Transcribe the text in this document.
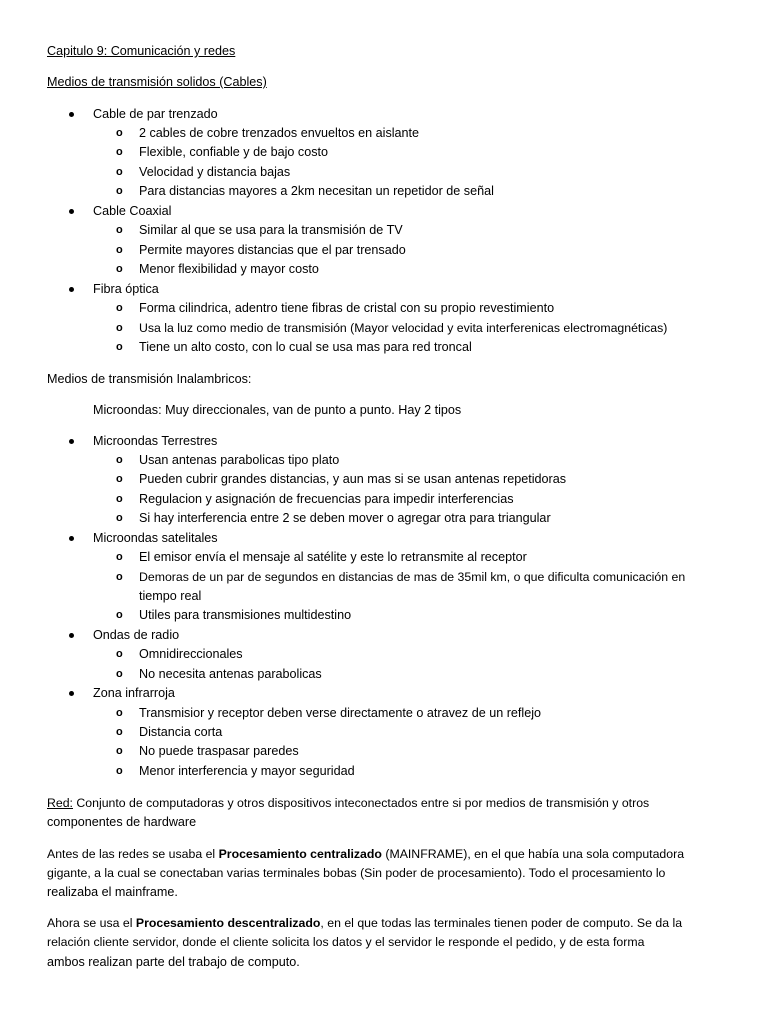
Capitulo 9: Comunicación y redes
Medios de transmisión solidos (Cables)
Cable de par trenzado
o 2 cables de cobre trenzados envueltos en aislante
o Flexible, confiable y de bajo costo
o Velocidad y distancia bajas
o Para distancias mayores a 2km necesitan un repetidor de señal
Cable Coaxial
o Similar al que se usa para la transmisión de TV
o Permite mayores distancias que el par trensado
o Menor flexibilidad y mayor costo
Fibra óptica
o Forma cilindrica, adentro tiene fibras de cristal con su propio revestimiento
o Usa la luz como medio de transmisión (Mayor velocidad y evita interferenicas electromagnéticas)
o Tiene un alto costo, con lo cual se usa mas para red troncal
Medios de transmisión Inalambricos:
Microondas: Muy direccionales, van de punto a punto. Hay 2 tipos
Microondas Terrestres
o Usan antenas parabolicas tipo plato
o Pueden cubrir grandes distancias, y aun mas si se usan antenas repetidoras
o Regulacion y asignación de frecuencias para impedir interferencias
o Si hay interferencia entre 2 se deben mover o agregar otra para triangular
Microondas satelitales
o El emisor envía el mensaje al satélite y este lo retransmite al receptor
o Demoras de un par de segundos en distancias de mas de 35mil km, o que dificulta comunicación en
tiempo real
o Utiles para transmisiones multidestino
Ondas de radio
o Omnidireccionales
o No necesita antenas parabolicas
Zona infrarroja
o Transmisior y receptor deben verse directamente o atravez de un reflejo
o Distancia corta
o No puede traspasar paredes
o Menor interferencia y mayor seguridad
Red: Conjunto de computadoras y otros dispositivos inteconectados entre si por medios de transmisión y otros
componentes de hardware
Antes de las redes se usaba el Procesamiento centralizado (MAINFRAME), en el que había una sola computadora
gigante, a la cual se conectaban varias terminales bobas (Sin poder de procesamiento). Todo el procesamiento lo
realizaba el mainframe.
Ahora se usa el Procesamiento descentralizado, en el que todas las terminales tienen poder de computo. Se da la
relación cliente servidor, donde el cliente solicita los datos y el servidor le responde el pedido, y de esta forma
ambos realizan parte del trabajo de computo.
